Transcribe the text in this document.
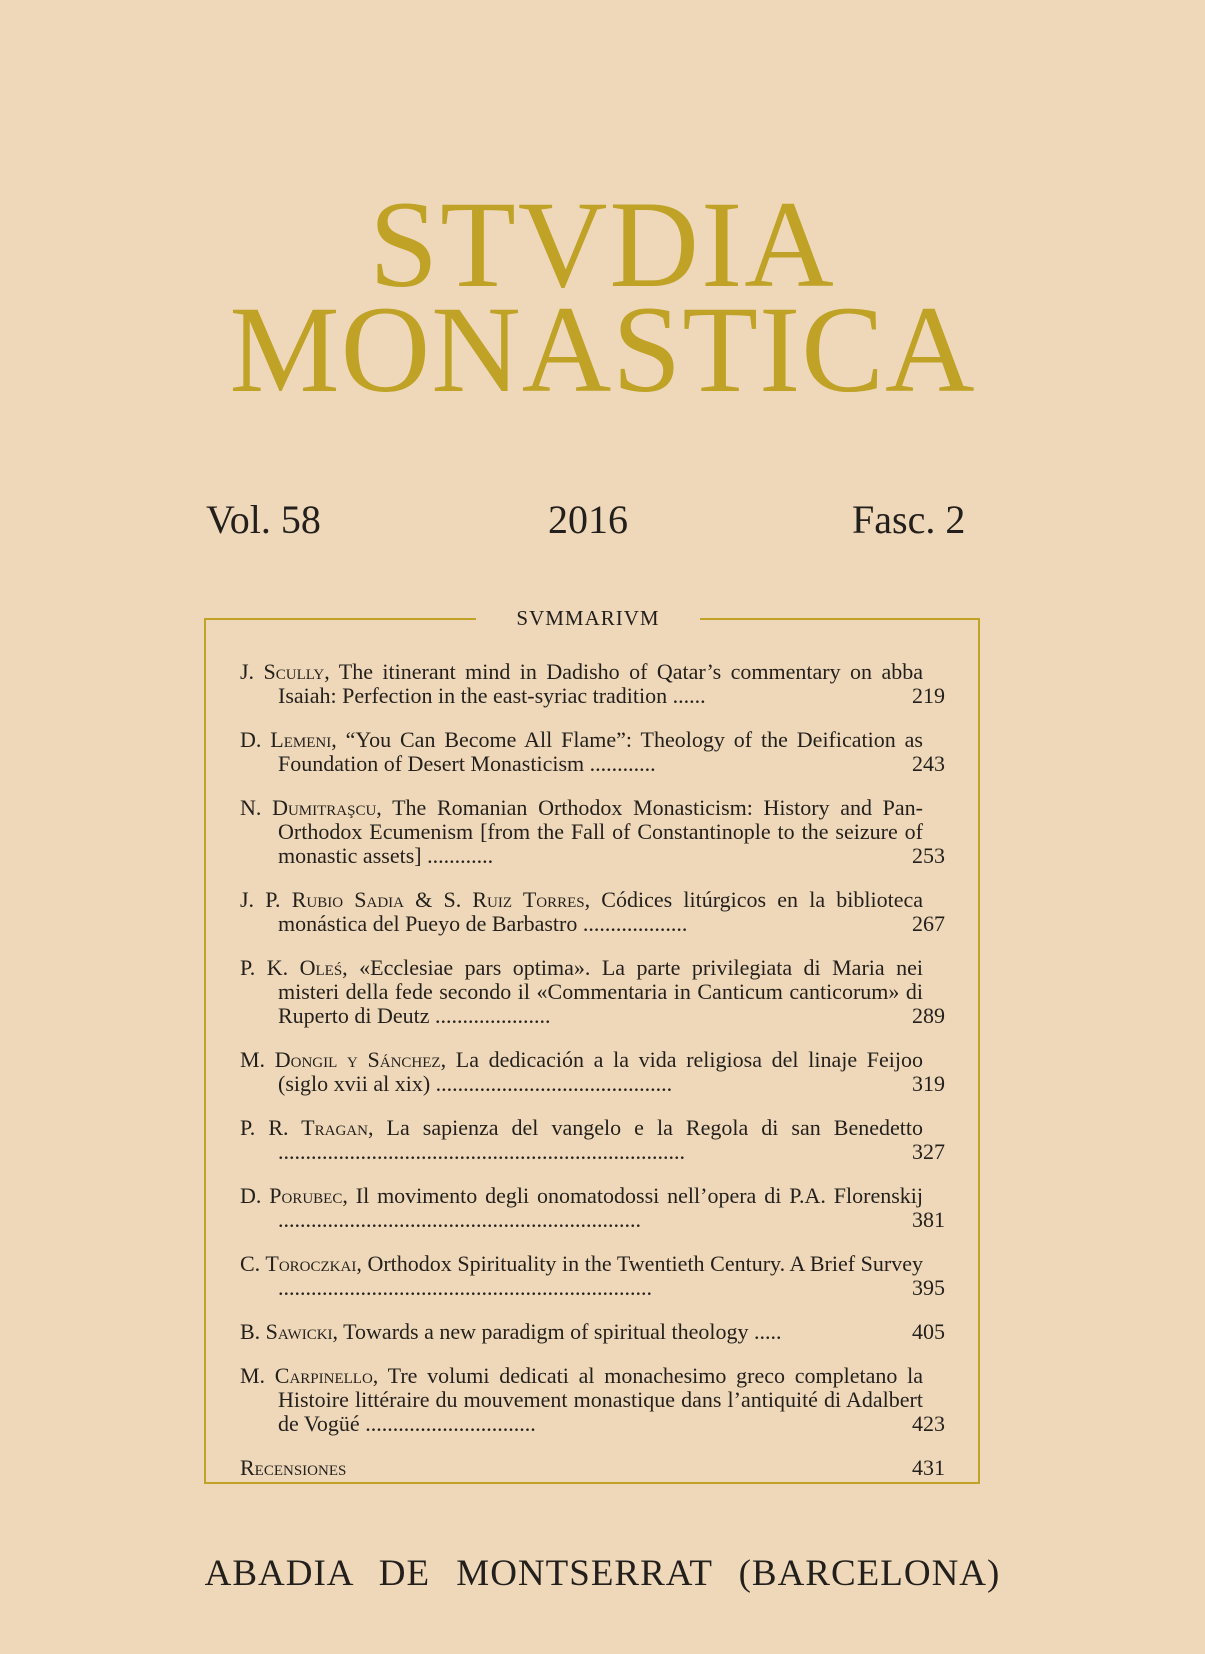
STVDIA
MONASTICA
Vol. 58	2016	Fasc. 2
SVMMARIVM
J. Scully, The itinerant mind in Dadisho of Qatar’s commentary on abba Isaiah: Perfection in the east-syriac tradition ......	219
D. Lemeni, “You Can Become All Flame”: Theology of the Deification as Foundation of Desert Monasticism ............	243
N. Dumitraşcu, The Romanian Orthodox Monasticism: History and Pan-Orthodox Ecumenism [from the Fall of Constantinople to the seizure of monastic assets] ............	253
J. P. Rubio Sadia & S. Ruiz Torres, Códices litúrgicos en la biblioteca monástica del Pueyo de Barbastro ...................	267
P. K. Oleś, «Ecclesiae pars optima». La parte privilegiata di Maria nei misteri della fede secondo il «Commentaria in Canticum canticorum» di Ruperto di Deutz .....................	289
M. Dongil y Sánchez, La dedicación a la vida religiosa del linaje Feijoo (siglo xvii al xix) ...........................................	319
P. R. Tragan, La sapienza del vangelo e la Regola di san Benedetto ..........................................................................	327
D. Porubec, Il movimento degli onomatodossi nell’opera di P.A. Florenskij ..................................................................	381
C. Toroczkai, Orthodox Spirituality in the Twentieth Century. A Brief Survey ....................................................................	395
B. Sawicki, Towards a new paradigm of spiritual theology .....	405
M. Carpinello, Tre volumi dedicati al monachesimo greco completano la Histoire littéraire du mouvement monastique dans l’antiquité di Adalbert de Vogüé ...............................	423
Recensiones	431
ABADIA DE MONTSERRAT (BARCELONA)
